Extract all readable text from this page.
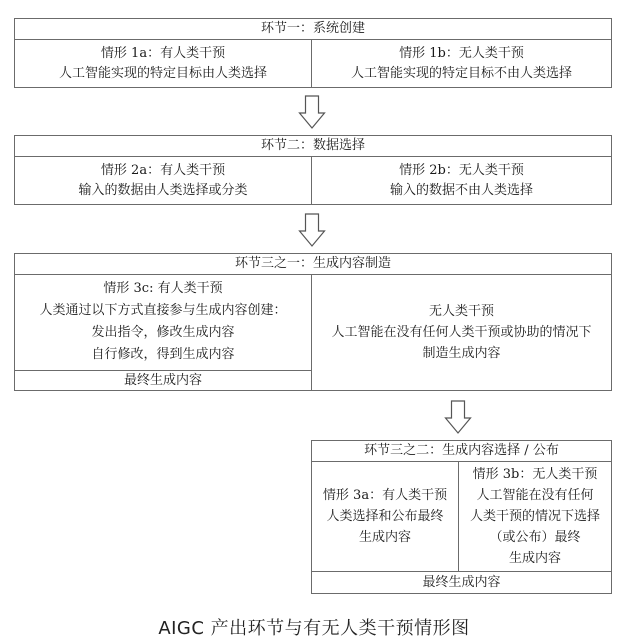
环节一：系统创建
情形 1a：有人类干预
人工智能实现的特定目标由人类选择
情形 1b：无人类干预
人工智能实现的特定目标不由人类选择
环节二：数据选择
情形 2a：有人类干预
输入的数据由人类选择或分类
情形 2b：无人类干预
输入的数据不由人类选择
环节三之一：生成内容制造
情形 3c: 有人类干预
人类通过以下方式直接参与生成内容创建：
发出指令，修改生成内容
自行修改，得到生成内容
最终生成内容
无人类干预
人工智能在没有任何人类干预或协助的情况下
制造生成内容
环节三之二：生成内容选择 / 公布
情形 3a：有人类干预
人类选择和公布最终
生成内容
情形 3b：无人类干预
人工智能在没有任何
人类干预的情况下选择
（或公布）最终
生成内容
最终生成内容
AIGC 产出环节与有无人类干预情形图
